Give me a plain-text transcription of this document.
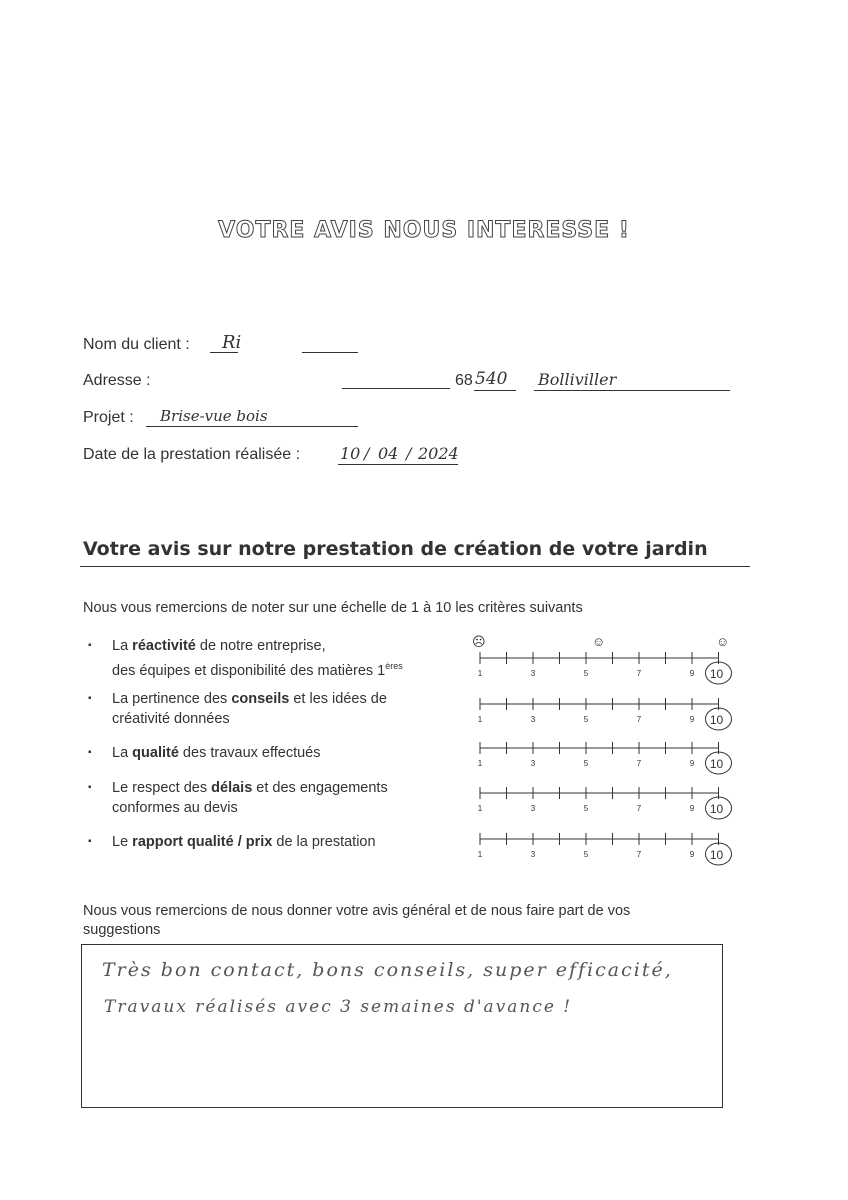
VOTRE AVIS NOUS INTERESSE !
Nom du client : Ri
Adresse :	68 540 Bolliviller
Projet : Brise-vue bois
Date de la prestation réalisée : 10 / 04 / 2024
Votre avis sur notre prestation de création de votre jardin
Nous vous remercions de noter sur une échelle de 1 à 10 les critères suivants
▪ La réactivité de notre entreprise,
des équipes et disponibilité des matières 1ères
▪ La pertinence des conseils et les idées de
créativité données
▪ La qualité des travaux effectués
▪ Le respect des délais et des engagements
conformes au devis
▪ Le rapport qualité / prix de la prestation
☹	☺	☺
1	3	5	7	9 10
1	3	5	7	9 10
1	3	5	7	9 10
1	3	5	7	9 10
1	3	5	7	9 10
Nous vous remercions de nous donner votre avis général et de nous faire part de vos
suggestions
Très bon contact, bons conseils, super efficacité,
Travaux réalisés avec 3 semaines d'avance !
